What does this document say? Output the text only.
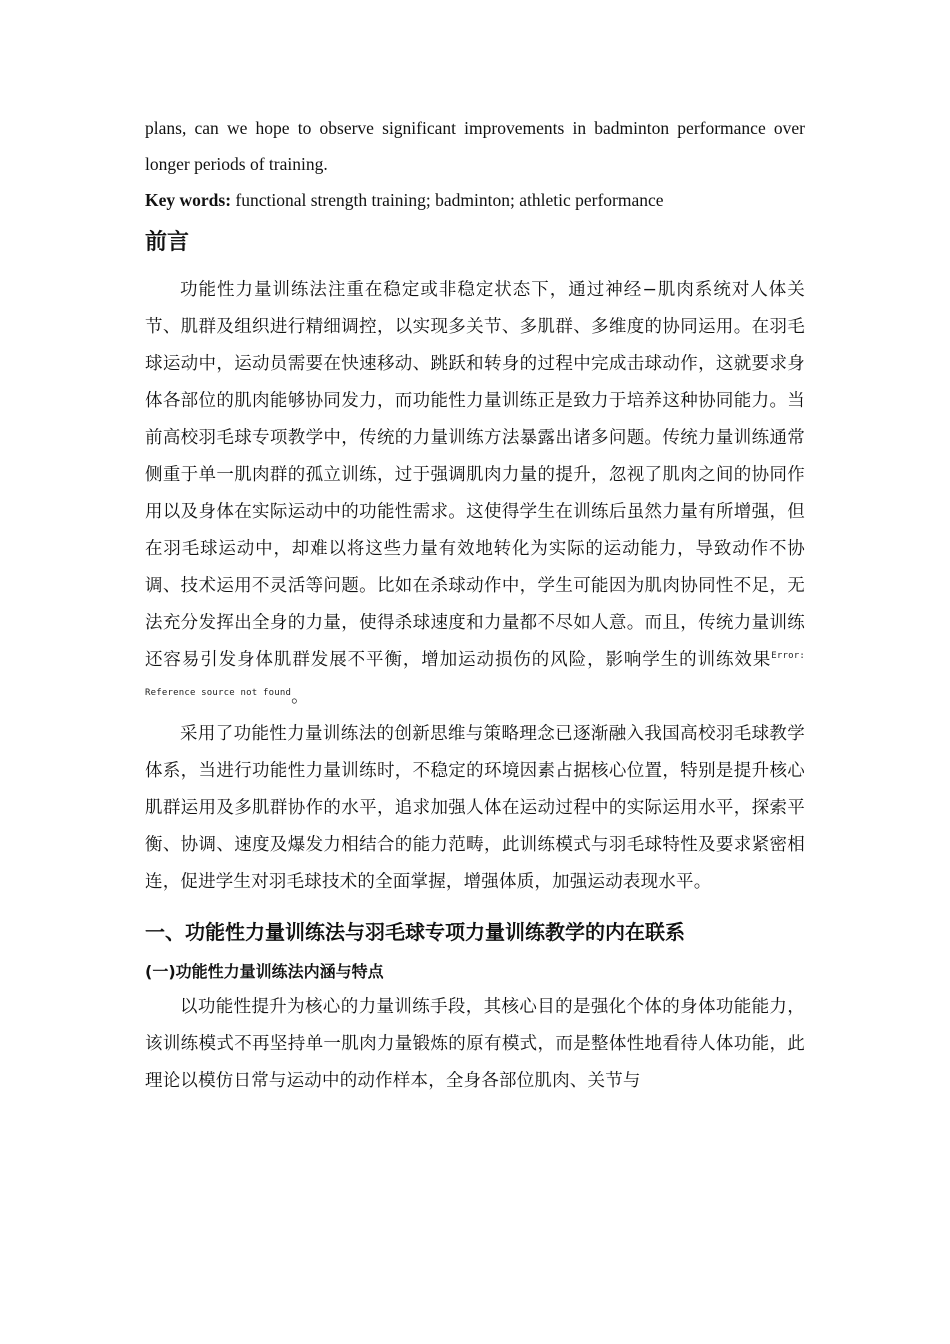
plans, can we hope to observe significant improvements in badminton performance over longer periods of training.

Key words: functional strength training; badminton; athletic performance

前言

功能性力量训练法注重在稳定或非稳定状态下，通过神经−肌肉系统对人体关节、肌群及组织进行精细调控，以实现多关节、多肌群、多维度的协同运用。在羽毛球运动中，运动员需要在快速移动、跳跃和转身的过程中完成击球动作，这就要求身体各部位的肌肉能够协同发力，而功能性力量训练正是致力于培养这种协同能力。当前高校羽毛球专项教学中，传统的力量训练方法暴露出诸多问题。传统力量训练通常侧重于单一肌肉群的孤立训练，过于强调肌肉力量的提升，忽视了肌肉之间的协同作用以及身体在实际运动中的功能性需求。这使得学生在训练后虽然力量有所增强，但在羽毛球运动中，却难以将这些力量有效地转化为实际的运动能力，导致动作不协调、技术运用不灵活等问题。比如在杀球动作中，学生可能因为肌肉协同性不足，无法充分发挥出全身的力量，使得杀球速度和力量都不尽如人意。而且，传统力量训练还容易引发身体肌群发展不平衡，增加运动损伤的风险，影响学生的训练效果$^{Error: Reference source not found}$。

采用了功能性力量训练法的创新思维与策略理念已逐渐融入我国高校羽毛球教学体系，当进行功能性力量训练时，不稳定的环境因素占据核心位置，特别是提升核心肌群运用及多肌群协作的水平，追求加强人体在运动过程中的实际运用水平，探索平衡、协调、速度及爆发力相结合的能力范畴，此训练模式与羽毛球特性及要求紧密相连，促进学生对羽毛球技术的全面掌握，增强体质，加强运动表现水平。

一、功能性力量训练法与羽毛球专项力量训练教学的内在联系
(一)功能性力量训练法内涵与特点

以功能性提升为核心的力量训练手段，其核心目的是强化个体的身体功能能力，该训练模式不再坚持单一肌肉力量锻炼的原有模式，而是整体性地看待人体功能，此理论以模仿日常与运动中的动作样本，全身各部位肌肉、关节与
